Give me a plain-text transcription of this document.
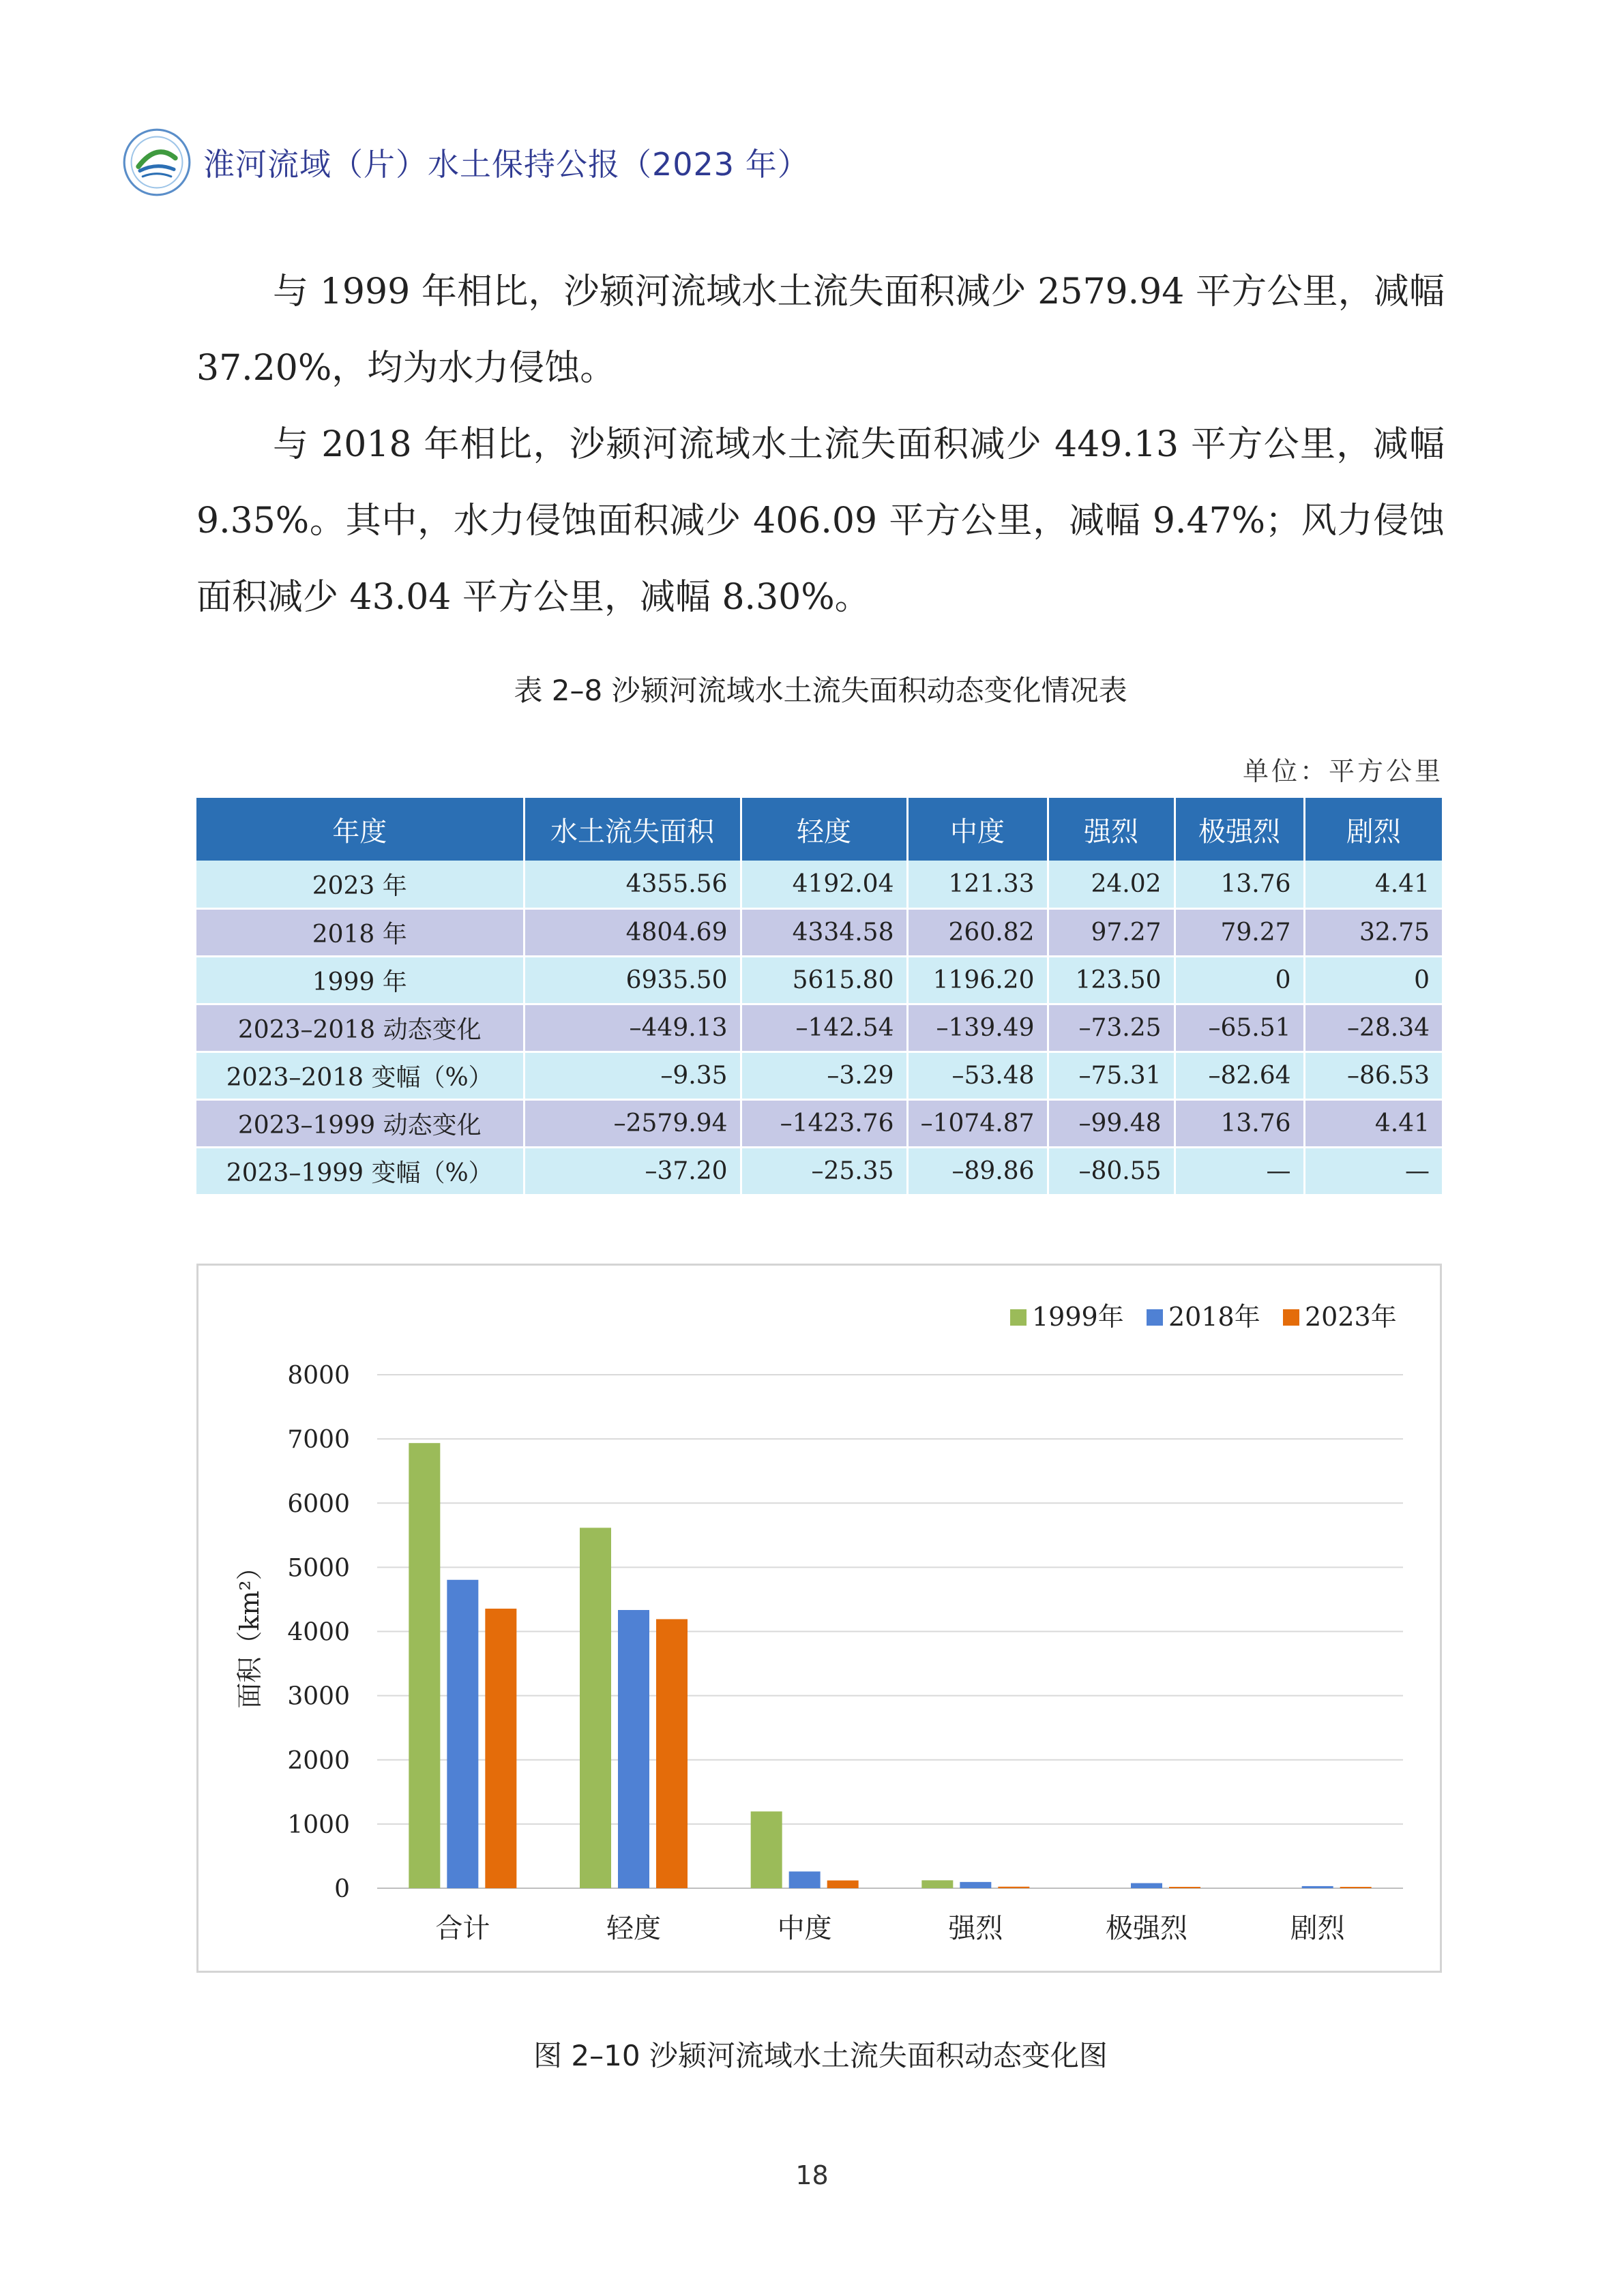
淮河流域（片）水土保持公报（2023 年）

与 1999 年相比，沙颍河流域水土流失面积减少 2579.94 平方公里，减幅 37.20%，均为水力侵蚀。

与 2018 年相比，沙颍河流域水土流失面积减少 449.13 平方公里，减幅 9.35%。其中，水力侵蚀面积减少 406.09 平方公里，减幅 9.47%；风力侵蚀面积减少 43.04 平方公里，减幅 8.30%。

表 2–8 沙颍河流域水土流失面积动态变化情况表
单位：平方公里
年度	水土流失面积	轻度	中度	强烈	极强烈	剧烈
2023 年	4355.56	4192.04	121.33	24.02	13.76	4.41
2018 年	4804.69	4334.58	260.82	97.27	79.27	32.75
1999 年	6935.50	5615.80	1196.20	123.50	0	0
2023–2018 动态变化	–449.13	–142.54	–139.49	–73.25	–65.51	–28.34
2023–2018 变幅（%）	–9.35	–3.29	–53.48	–75.31	–82.64	–86.53
2023–1999 动态变化	–2579.94	–1423.76	–1074.87	–99.48	13.76	4.41
2023–1999 变幅（%）	–37.20	–25.35	–89.86	–80.55	—	—
0
1000
2000
3000
4000
5000
6000
7000
8000
面积（km²）
合计	轻度	中度	强烈	极强烈	剧烈
1999年 2018年 2023年
图 2–10 沙颍河流域水土流失面积动态变化图
18
